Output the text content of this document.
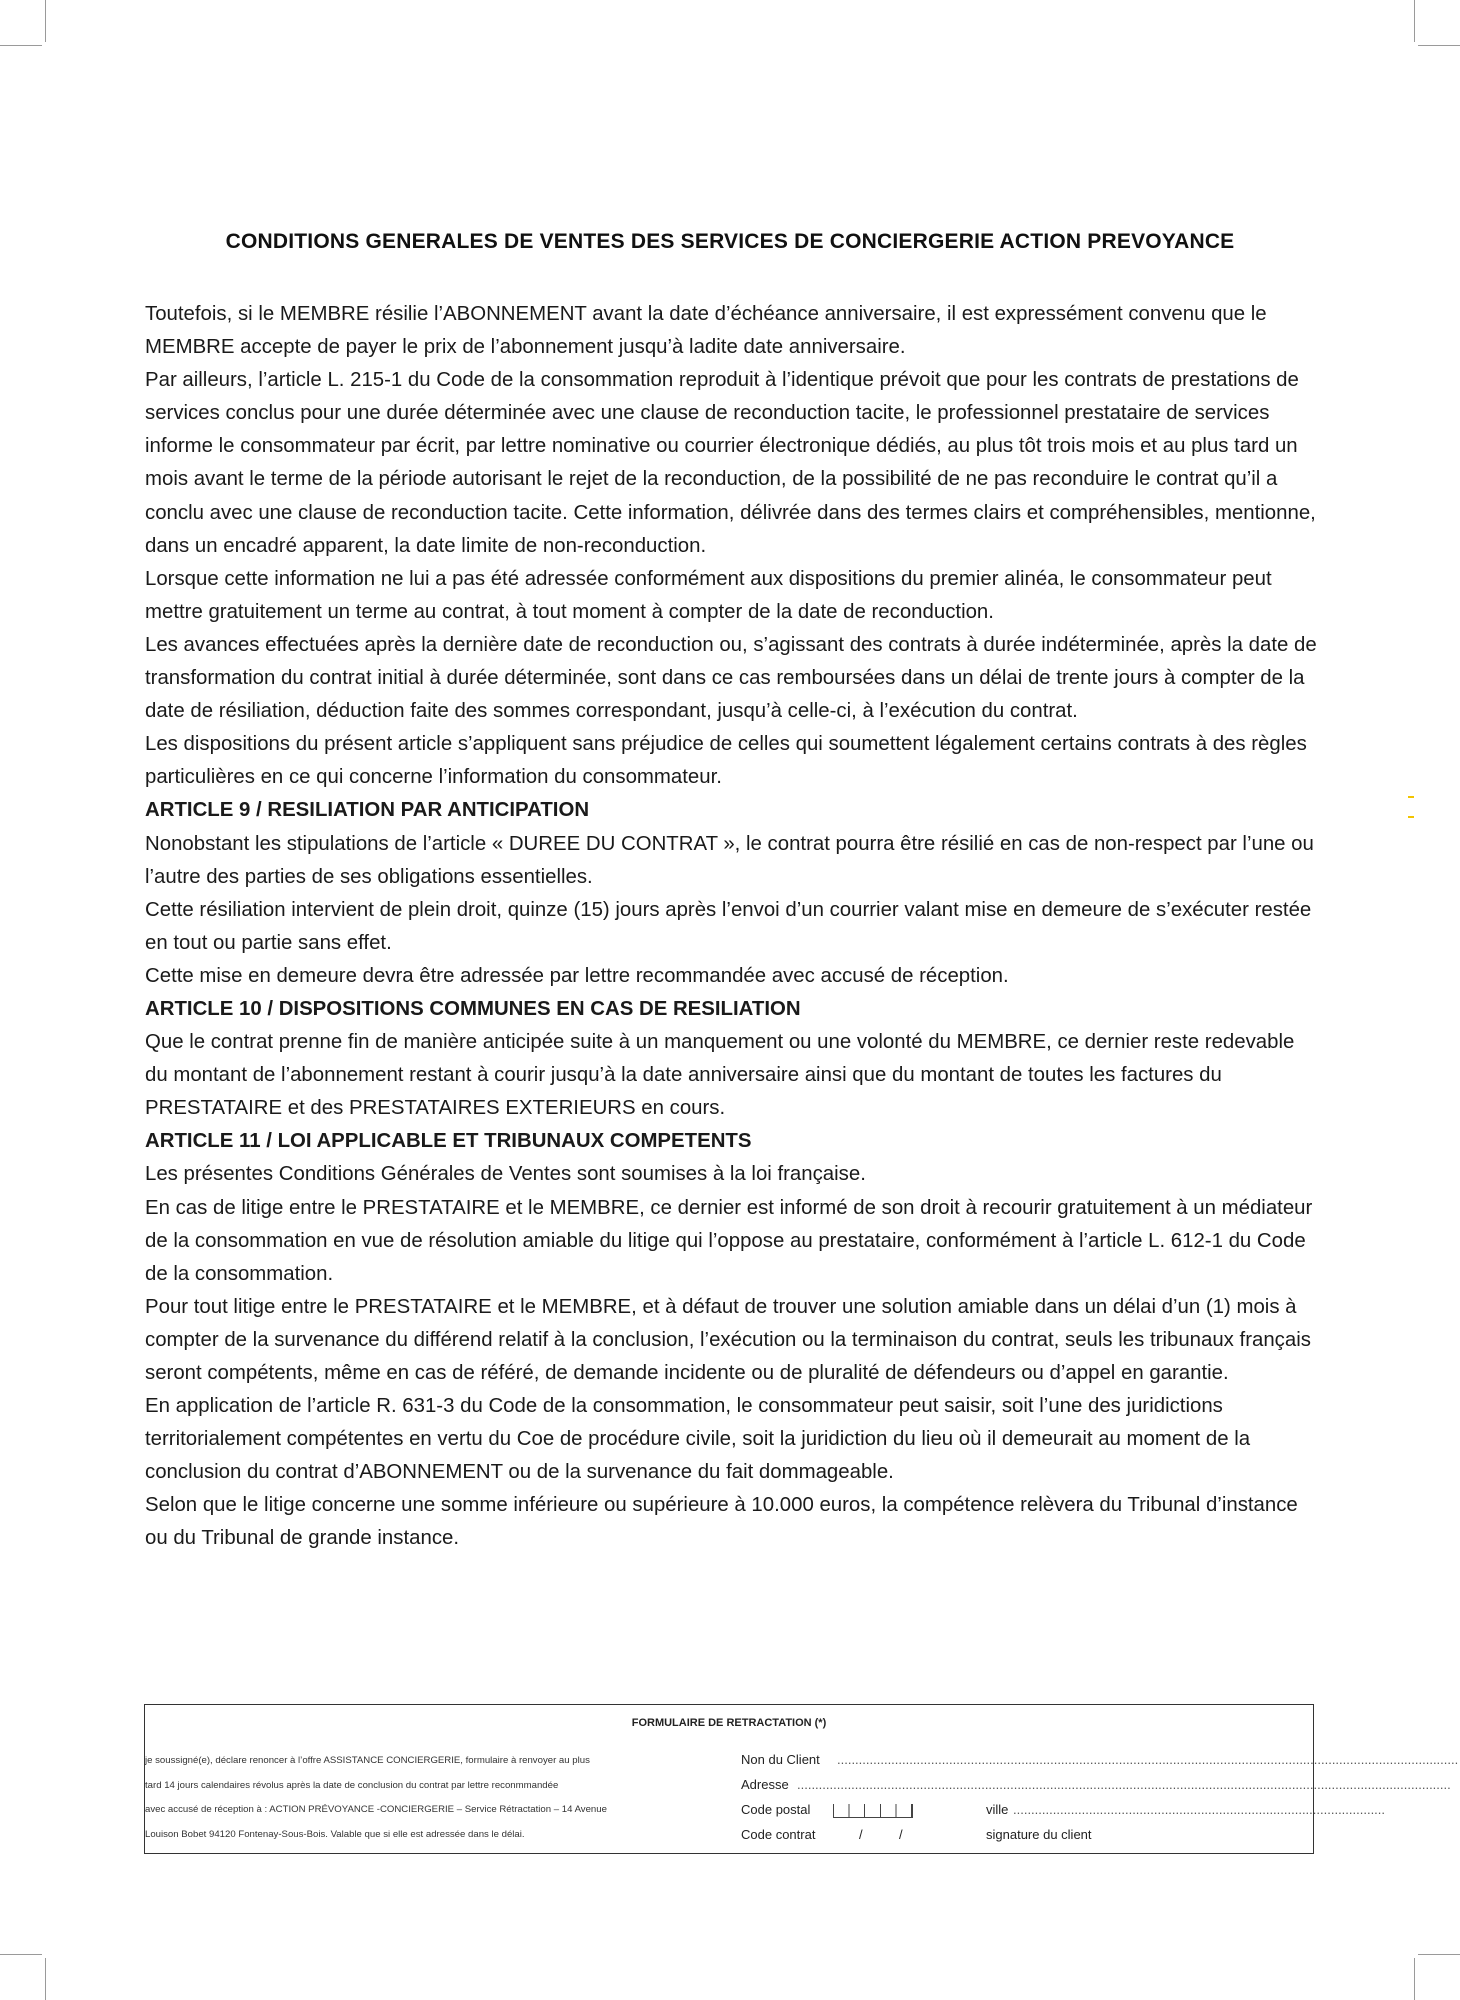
CONDITIONS GENERALES DE VENTES DES SERVICES DE CONCIERGERIE ACTION PREVOYANCE

Toutefois, si le MEMBRE résilie l’ABONNEMENT avant la date d’échéance anniversaire, il est expressément convenu que le MEMBRE accepte de payer le prix de l’abonnement jusqu’à ladite date anniversaire.

Par ailleurs, l’article L. 215-1 du Code de la consommation reproduit à l’identique prévoit que pour les contrats de prestations de services conclus pour une durée déterminée avec une clause de reconduction tacite, le professionnel prestataire de services informe le consommateur par écrit, par lettre nominative ou courrier électronique dédiés, au plus tôt trois mois et au plus tard un mois avant le terme de la période autorisant le rejet de la reconduction, de la possibilité de ne pas reconduire le contrat qu’il a conclu avec une clause de reconduction tacite. Cette information, délivrée dans des termes clairs et compréhensibles, mentionne, dans un encadré apparent, la date limite de non-reconduction.

Lorsque cette information ne lui a pas été adressée conformément aux dispositions du premier alinéa, le consommateur peut mettre gratuitement un terme au contrat, à tout moment à compter de la date de reconduction.

Les avances effectuées après la dernière date de reconduction ou, s’agissant des contrats à durée indéterminée, après la date de transformation du contrat initial à durée déterminée, sont dans ce cas remboursées dans un délai de trente jours à compter de la date de résiliation, déduction faite des sommes correspondant, jusqu’à celle-ci, à l’exécution du contrat.

Les dispositions du présent article s’appliquent sans préjudice de celles qui soumettent légalement certains contrats à des règles particulières en ce qui concerne l’information du consommateur.

ARTICLE 9 / RESILIATION PAR ANTICIPATION

Nonobstant les stipulations de l’article « DUREE DU CONTRAT », le contrat pourra être résilié en cas de non-respect par l’une ou l’autre des parties de ses obligations essentielles.

Cette résiliation intervient de plein droit, quinze (15) jours après l’envoi d’un courrier valant mise en demeure de s’exécuter restée en tout ou partie sans effet.

Cette mise en demeure devra être adressée par lettre recommandée avec accusé de réception.

ARTICLE 10 / DISPOSITIONS COMMUNES EN CAS DE RESILIATION

Que le contrat prenne fin de manière anticipée suite à un manquement ou une volonté du MEMBRE, ce dernier reste redevable du montant de l’abonnement restant à courir jusqu’à la date anniversaire ainsi que du montant de toutes les factures du PRESTATAIRE et des PRESTATAIRES EXTERIEURS en cours.

ARTICLE 11 / LOI APPLICABLE ET TRIBUNAUX COMPETENTS

Les présentes Conditions Générales de Ventes sont soumises à la loi française.

En cas de litige entre le PRESTATAIRE et le MEMBRE, ce dernier est informé de son droit à recourir gratuitement à un médiateur de la consommation en vue de résolution amiable du litige qui l’oppose au prestataire, conformément à l’article L. 612-1 du Code de la consommation.

Pour tout litige entre le PRESTATAIRE et le MEMBRE, et à défaut de trouver une solution amiable dans un délai d’un (1) mois à compter de la survenance du différend relatif à la conclusion, l’exécution ou la terminaison du contrat, seuls les tribunaux français seront compétents, même en cas de référé, de demande incidente ou de pluralité de défendeurs ou d’appel en garantie.

En application de l’article R. 631-3 du Code de la consommation, le consommateur peut saisir, soit l’une des juridictions territorialement compétentes en vertu du Coe de procédure civile, soit la juridiction du lieu où il demeurait au moment de la conclusion du contrat d’ABONNEMENT ou de la survenance du fait dommageable.

Selon que le litige concerne une somme inférieure ou supérieure à 10.000 euros, la compétence relèvera du Tribunal d’instance ou du Tribunal de grande instance.

FORMULAIRE DE RETRACTATION (*)

je soussigné(e), déclare renoncer à l’offre ASSISTANCE CONCIERGERIE, formulaire à renvoyer au plus

tard 14 jours calendaires révolus après la date de conclusion du contrat par lettre reconmmandée

avec accusé de réception à : ACTION PRÉVOYANCE -CONCIERGERIE – Service Rétractation – 14 Avenue

Louison Bobet 94120 Fontenay-Sous-Bois. Valable que si elle est adressée dans le délai.

Non du Client ............................................................................................................................................................................
Adresse .....................................................................................................................................................................................
Code postal	ville .......................................................................................................
Code contrat	/	/	signature du client
